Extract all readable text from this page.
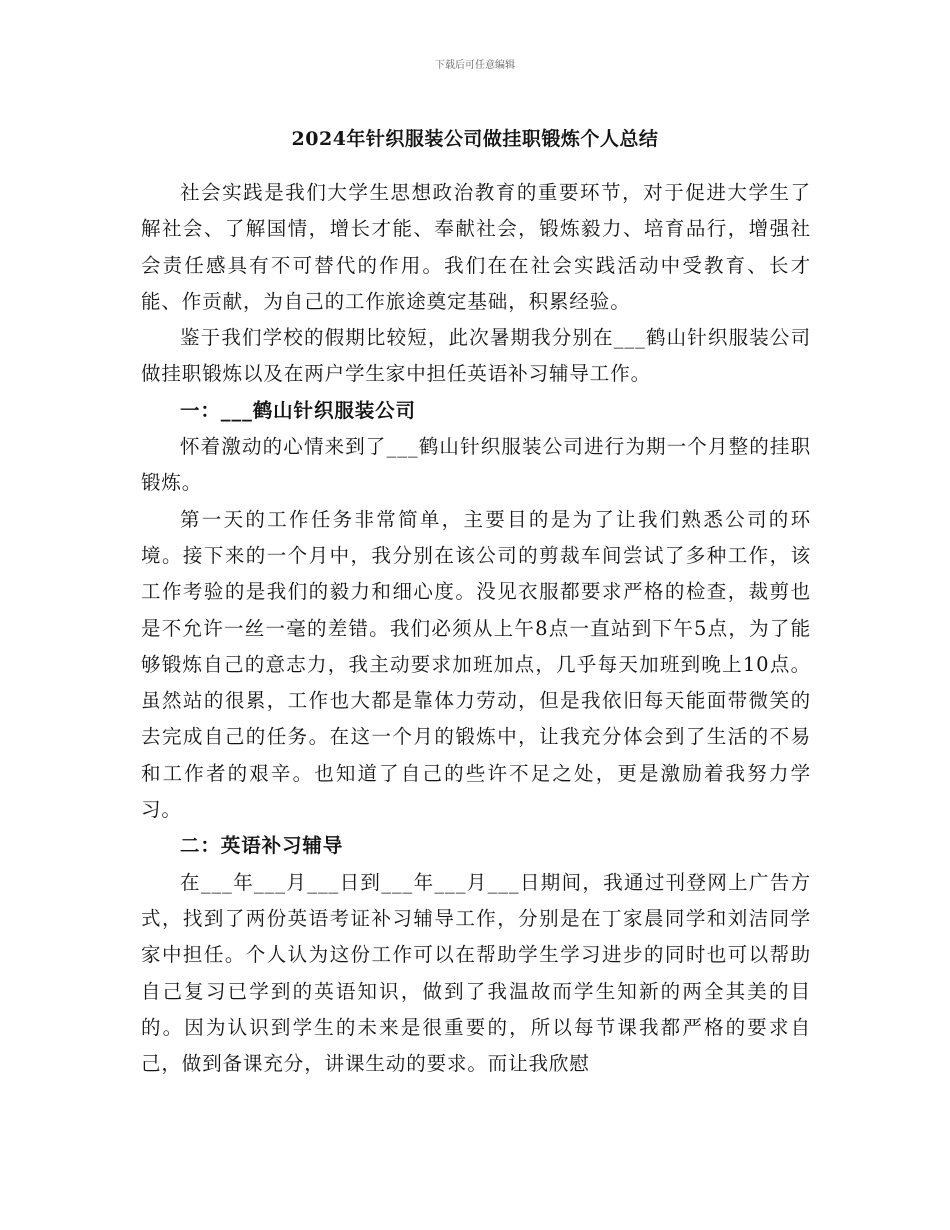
下载后可任意编辑
2024年针织服装公司做挂职锻炼个人总结

社会实践是我们大学生思想政治教育的重要环节，对于促进大学生了解社会、了解国情，增长才能、奉献社会，锻炼毅力、培育品行，增强社会责任感具有不可替代的作用。我们在在社会实践活动中受教育、长才能、作贡献，为自己的工作旅途奠定基础，积累经验。

鉴于我们学校的假期比较短，此次暑期我分别在___鹤山针织服装公司做挂职锻炼以及在两户学生家中担任英语补习辅导工作。

一：___鹤山针织服装公司

怀着激动的心情来到了___鹤山针织服装公司进行为期一个月整的挂职锻炼。

第一天的工作任务非常简单，主要目的是为了让我们熟悉公司的环境。接下来的一个月中，我分别在该公司的剪裁车间尝试了多种工作，该工作考验的是我们的毅力和细心度。没见衣服都要求严格的检查，裁剪也是不允许一丝一毫的差错。我们必须从上午8点一直站到下午5点，为了能够锻炼自己的意志力，我主动要求加班加点，几乎每天加班到晚上10点。虽然站的很累，工作也大都是靠体力劳动，但是我依旧每天能面带微笑的去完成自己的任务。在这一个月的锻炼中，让我充分体会到了生活的不易和工作者的艰辛。也知道了自己的些许不足之处，更是激励着我努力学习。

二：英语补习辅导

在___年___月___日到___年___月___日期间，我通过刊登网上广告方式，找到了两份英语考证补习辅导工作，分别是在丁家晨同学和刘洁同学家中担任。个人认为这份工作可以在帮助学生学习进步的同时也可以帮助自己复习已学到的英语知识，做到了我温故而学生知新的两全其美的目的。因为认识到学生的未来是很重要的，所以每节课我都严格的要求自己，做到备课充分，讲课生动的要求。而让我欣慰
